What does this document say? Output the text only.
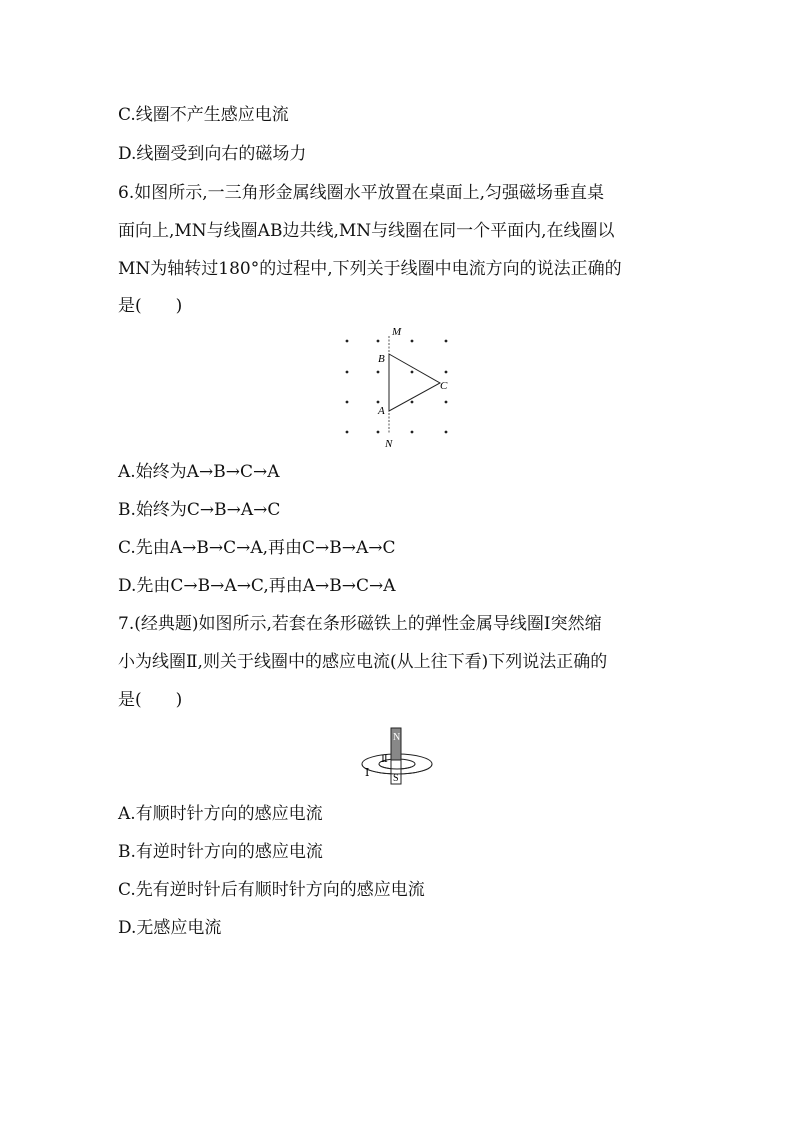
C.线圈不产生感应电流
D.线圈受到向右的磁场力
6.如图所示,一三角形金属线圈水平放置在桌面上,匀强磁场垂直桌
面向上,MN与线圈AB边共线,MN与线圈在同一个平面内,在线圈以
MN为轴转过180°的过程中,下列关于线圈中电流方向的说法正确的
是(　　)
M
B
C
A
N
A.始终为A→B→C→A
B.始终为C→B→A→C
C.先由A→B→C→A,再由C→B→A→C
D.先由C→B→A→C,再由A→B→C→A
7.(经典题)如图所示,若套在条形磁铁上的弹性金属导线圈Ⅰ突然缩
小为线圈Ⅱ,则关于线圈中的感应电流(从上往下看)下列说法正确的
是(　　)
N
S
Ⅱ
Ⅰ
A.有顺时针方向的感应电流
B.有逆时针方向的感应电流
C.先有逆时针后有顺时针方向的感应电流
D.无感应电流
